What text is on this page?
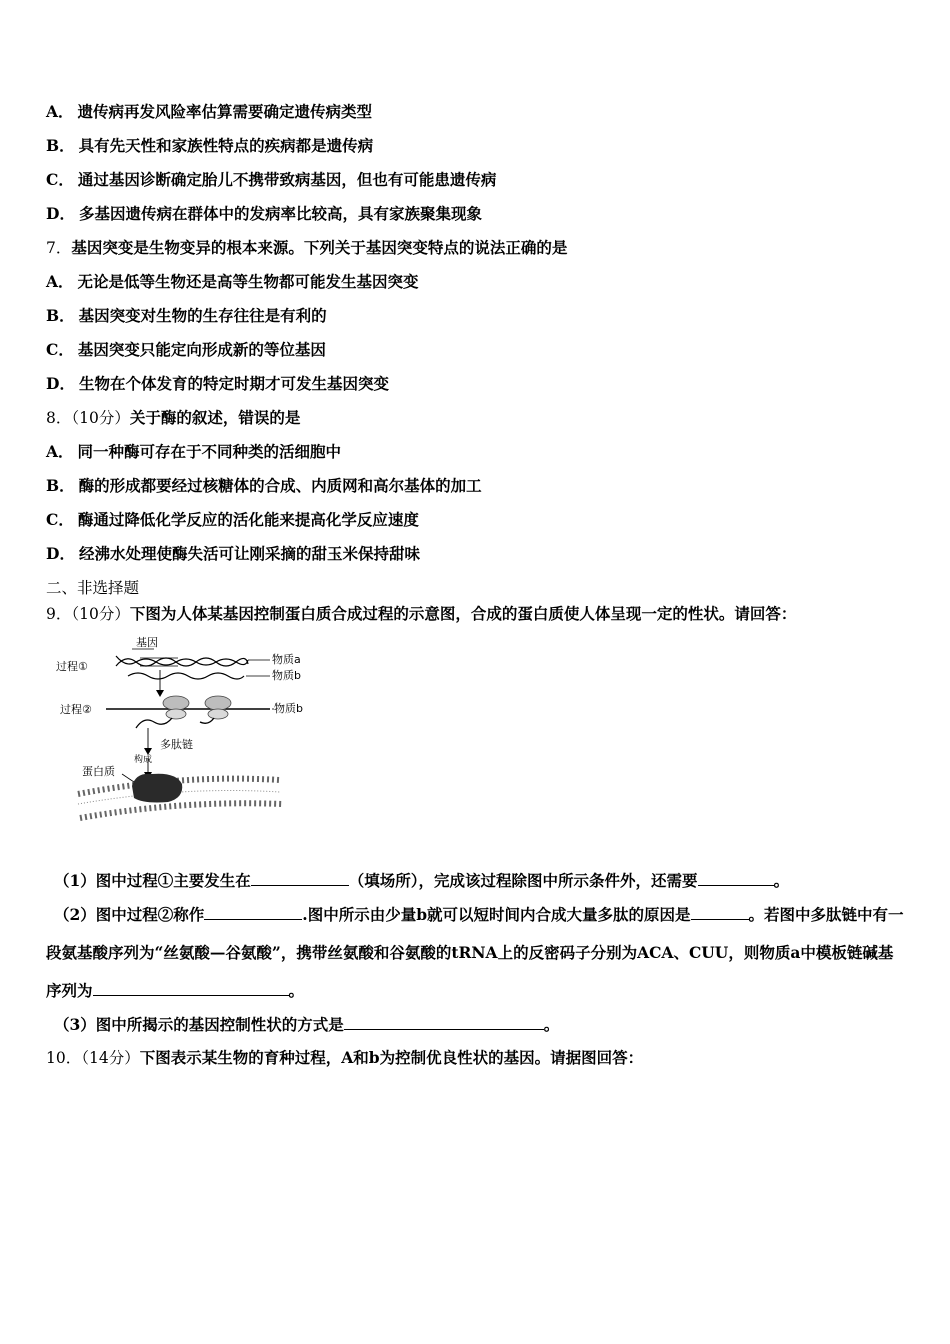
A． 遗传病再发风险率估算需要确定遗传病类型
B． 具有先天性和家族性特点的疾病都是遗传病
C． 通过基因诊断确定胎儿不携带致病基因，但也有可能患遗传病
D． 多基因遗传病在群体中的发病率比较高，具有家族聚集现象
7．基因突变是生物变异的根本来源。下列关于基因突变特点的说法正确的是
A． 无论是低等生物还是高等生物都可能发生基因突变
B． 基因突变对生物的生存往往是有利的
C． 基因突变只能定向形成新的等位基因
D． 生物在个体发育的特定时期才可发生基因突变
8．（10分）关于酶的叙述，错误的是
A． 同一种酶可存在于不同种类的活细胞中
B． 酶的形成都要经过核糖体的合成、内质网和高尔基体的加工
C． 酶通过降低化学反应的活化能来提高化学反应速度
D． 经沸水处理使酶失活可让刚采摘的甜玉米保持甜味
二、非选择题
9．（10分）下图为人体某基因控制蛋白质合成过程的示意图，合成的蛋白质使人体呈现一定的性状。请回答：
基因
过程①
物质a
物质b
过程②	物质b
多肽链
构成
蛋白质
（1）图中过程①主要发生在	（填场所），完成该过程除图中所示条件外，还需要	。
（2）图中过程②称作	.图中所示由少量b就可以短时间内合成大量多肽的原因是	。若图中多肽链中有一段氨基酸序列为“丝氨酸—谷氨酸”，携带丝氨酸和谷氨酸的tRNA上的反密码子分别为ACA、CUU，则物质a中模板链碱基序列为	。
（3）图中所揭示的基因控制性状的方式是	。
10．（14分）下图表示某生物的育种过程，A和b为控制优良性状的基因。请据图回答：
